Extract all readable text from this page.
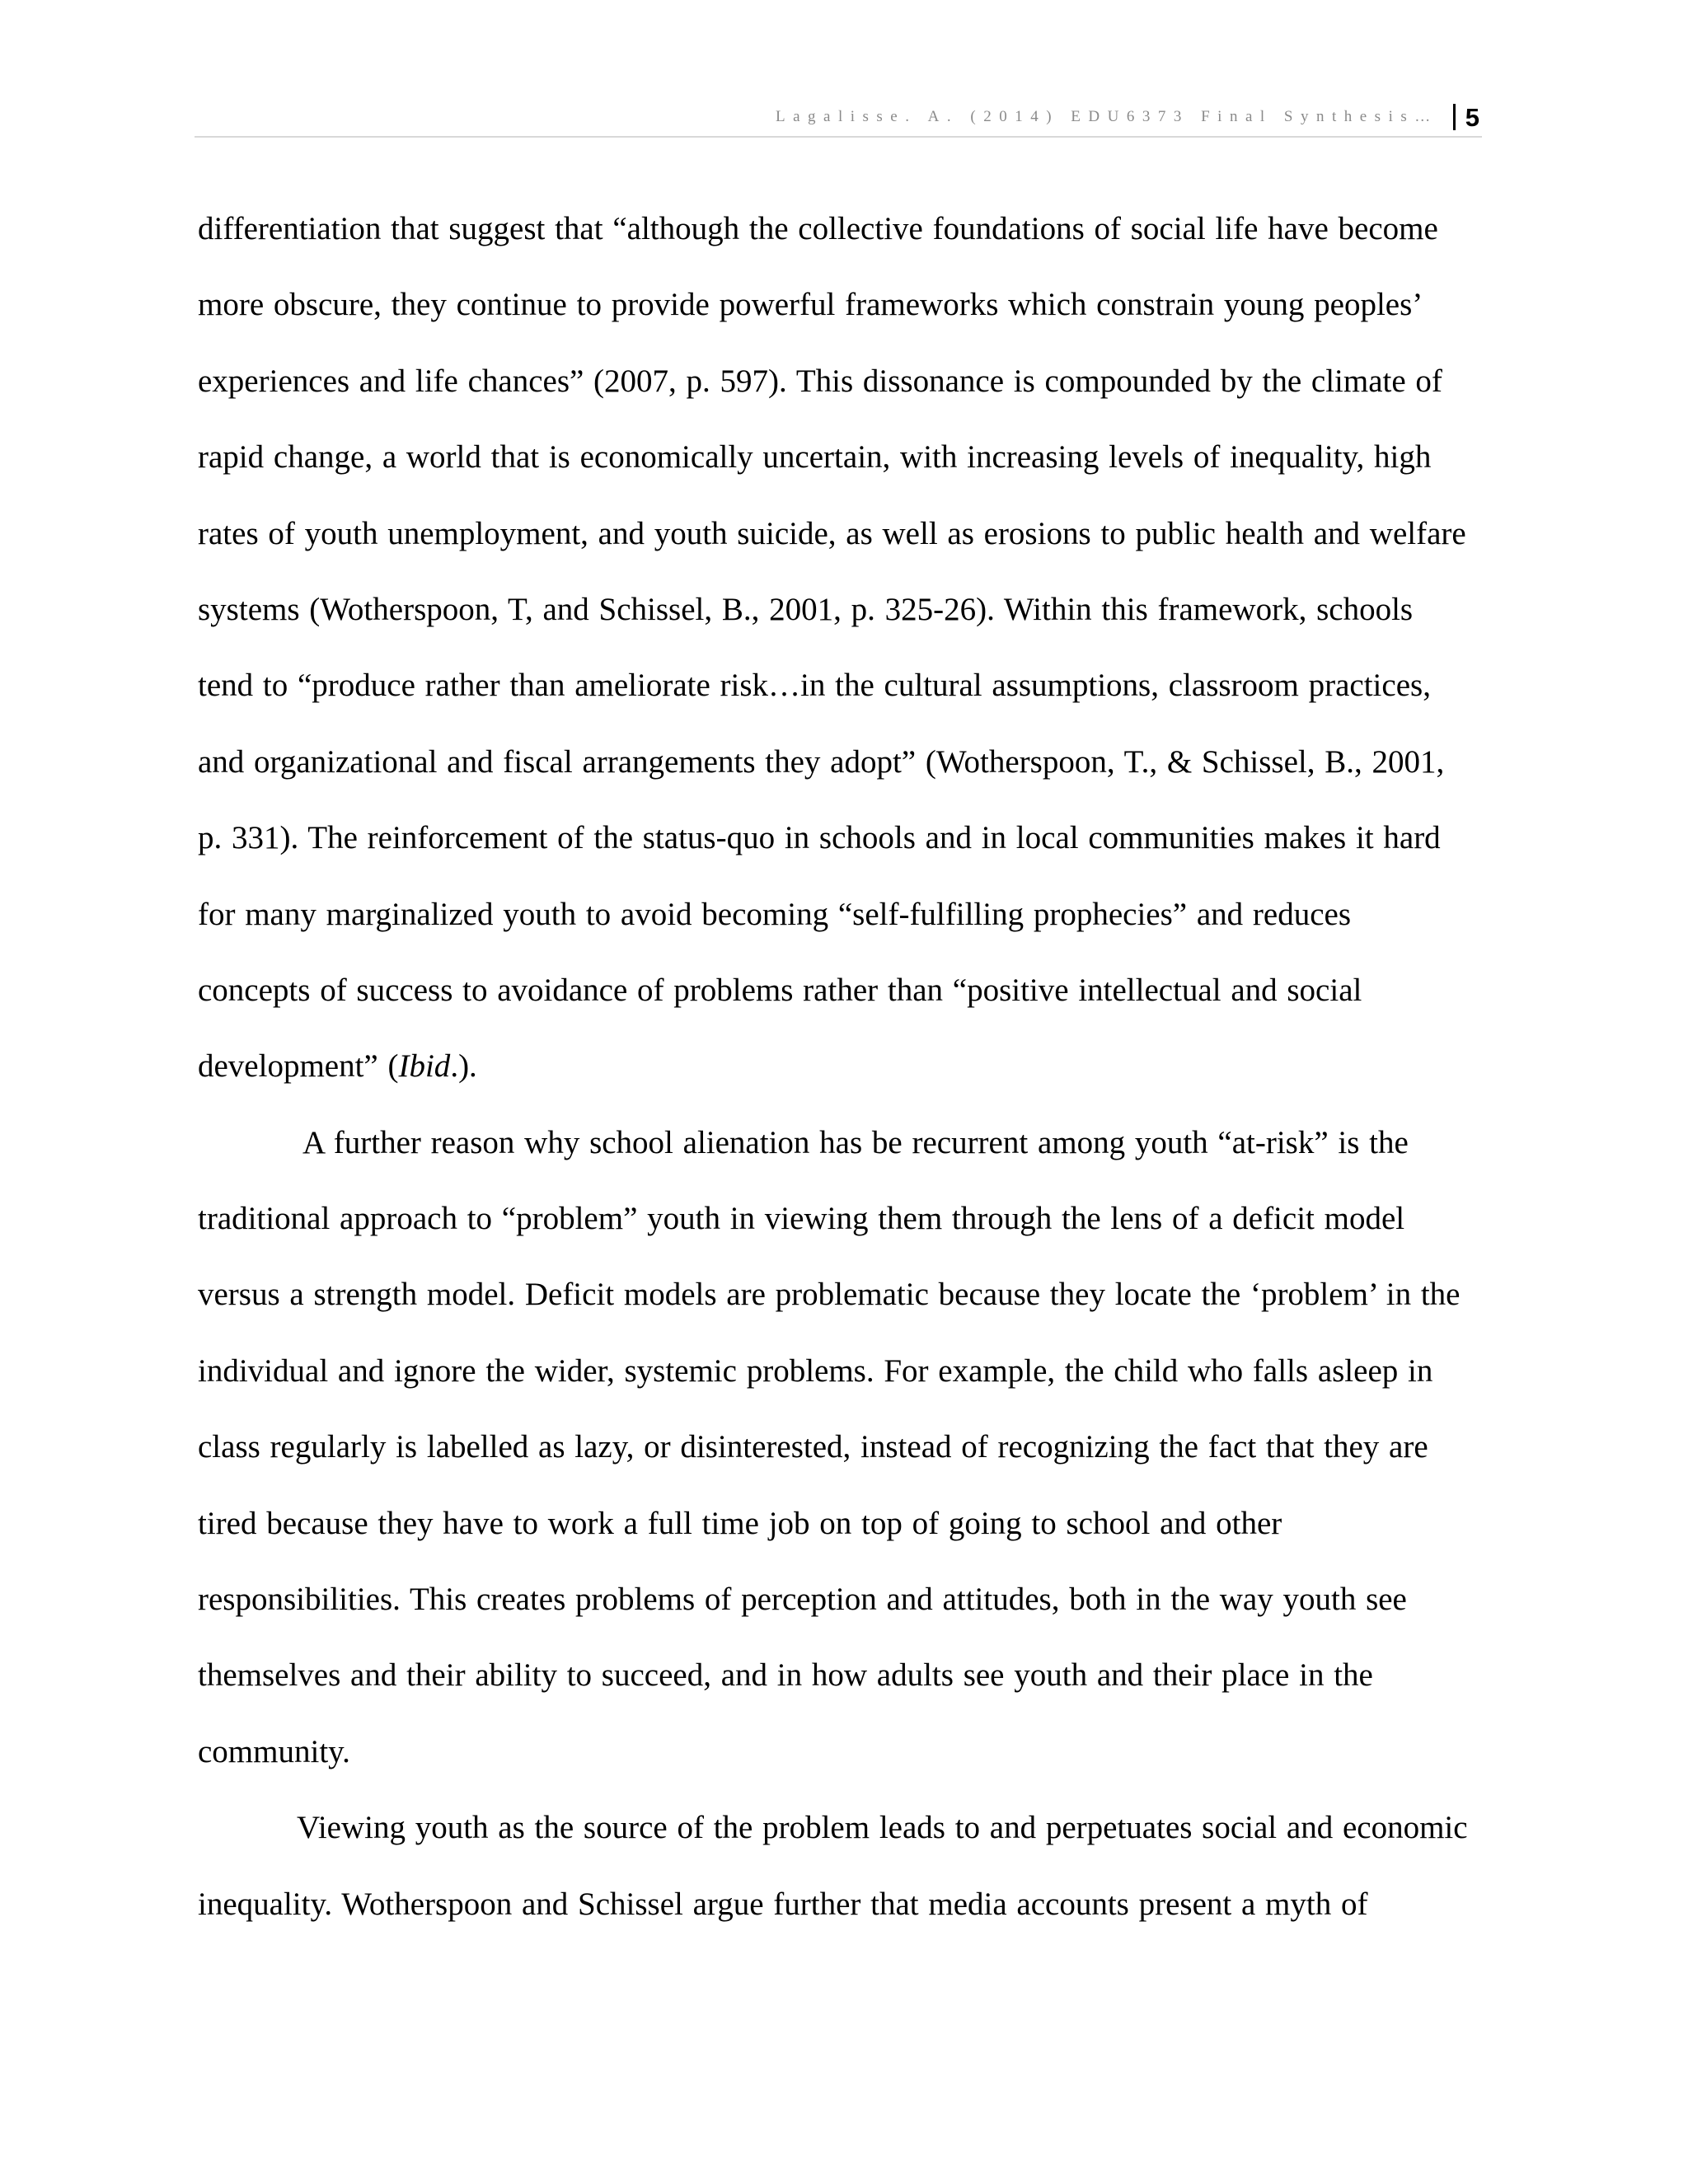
Lagalisse. A. (2014) EDU6373 Final Synthesis… 5
differentiation that suggest that “although the collective foundations of social life have become
more obscure, they continue to provide powerful frameworks which constrain young peoples’
experiences and life chances” (2007, p. 597). This dissonance is compounded by the climate of
rapid change, a world that is economically uncertain, with increasing levels of inequality, high
rates of youth unemployment, and youth suicide, as well as erosions to public health and welfare
systems (Wotherspoon, T, and Schissel, B., 2001, p. 325-26). Within this framework, schools
tend to “produce rather than ameliorate risk…in the cultural assumptions, classroom practices,
and organizational and fiscal arrangements they adopt” (Wotherspoon, T., & Schissel, B., 2001,
p. 331). The reinforcement of the status-quo in schools and in local communities makes it hard
for many marginalized youth to avoid becoming “self-fulfilling prophecies” and reduces
concepts of success to avoidance of problems rather than “positive intellectual and social
development” (Ibid.).
A further reason why school alienation has be recurrent among youth “at-risk” is the
traditional approach to “problem” youth in viewing them through the lens of a deficit model
versus a strength model. Deficit models are problematic because they locate the ‘problem’ in the
individual and ignore the wider, systemic problems. For example, the child who falls asleep in
class regularly is labelled as lazy, or disinterested, instead of recognizing the fact that they are
tired because they have to work a full time job on top of going to school and other
responsibilities. This creates problems of perception and attitudes, both in the way youth see
themselves and their ability to succeed, and in how adults see youth and their place in the
community.
Viewing youth as the source of the problem leads to and perpetuates social and economic
inequality. Wotherspoon and Schissel argue further that media accounts present a myth of
